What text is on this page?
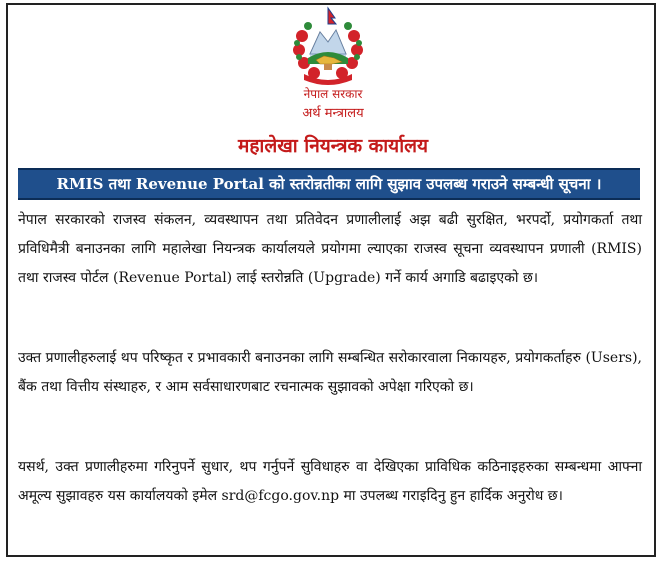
नेपाल सरकार
अर्थ मन्त्रालय
महालेखा नियन्त्रक कार्यालय
RMIS तथा Revenue Portal को स्तरोन्नतीका लागि सुझाव उपलब्ध गराउने सम्बन्धी सूचना ।

नेपाल सरकारको राजस्व संकलन, व्यवस्थापन तथा प्रतिवेदन प्रणालीलाई अझ बढी सुरक्षित, भरपर्दो, प्रयोगकर्ता तथा प्रविधिमैत्री बनाउनका लागि महालेखा नियन्त्रक कार्यालयले प्रयोगमा ल्याएका राजस्व सूचना व्यवस्थापन प्रणाली (RMIS) तथा राजस्व पोर्टल (Revenue Portal) लाई स्तरोन्नति (Upgrade) गर्ने कार्य अगाडि बढाइएको छ।

उक्त प्रणालीहरुलाई थप परिष्कृत र प्रभावकारी बनाउनका लागि सम्बन्धित सरोकारवाला निकायहरु, प्रयोगकर्ताहरु (Users), बैंक तथा वित्तीय संस्थाहरु, र आम सर्वसाधारणबाट रचनात्मक सुझावको अपेक्षा गरिएको छ।

यसर्थ, उक्त प्रणालीहरुमा गरिनुपर्ने सुधार, थप गर्नुपर्ने सुविधाहरु वा देखिएका प्राविधिक कठिनाइहरुका सम्बन्धमा आफ्ना अमूल्य सुझावहरु यस कार्यालयको इमेल srd@fcgo.gov.np मा उपलब्ध गराइदिनु हुन हार्दिक अनुरोध छ।
